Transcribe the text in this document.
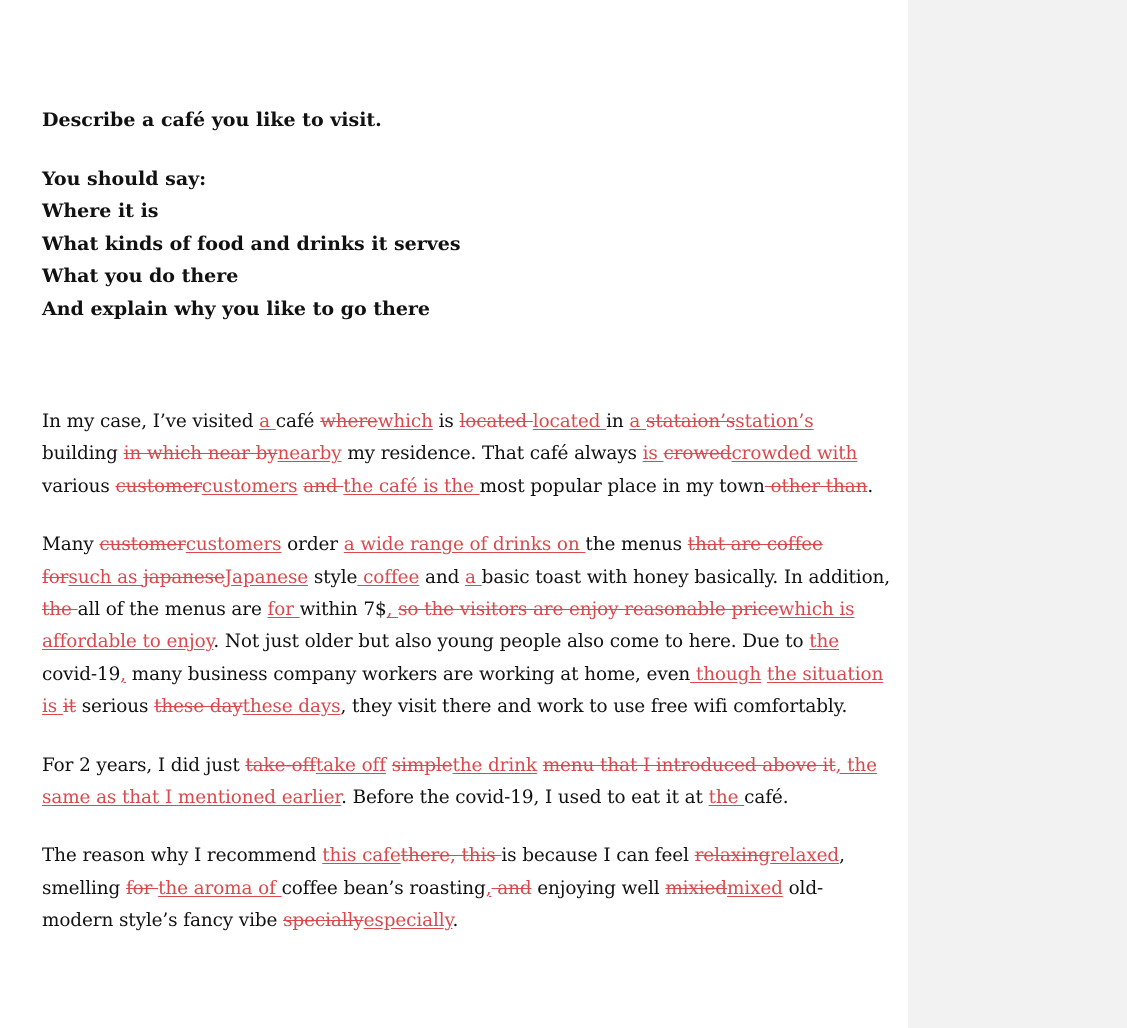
Describe a café you like to visit.

You should say:

Where it is

What kinds of food and drinks it serves

What you do there

And explain why you like to go there

In my case, I’ve visited a café wherewhich is located located in a stataion’sstation’s building in which near bynearby my residence. That café always is crowedcrowded with various customercustomers and the café is the most popular place in my town other than.

Many customercustomers order a wide range of drinks on the menus that are coffee forsuch as japaneseJapanese style coffee and a basic toast with honey basically. In addition, the all of the menus are for within 7$, so the visitors are enjoy reasonable pricewhich is affordable to enjoy. Not just older but also young people also come to here. Due to the covid-19, many business company workers are working at home, even though the situation is it serious these daythese days, they visit there and work to use free wifi comfortably.

For 2 years, I did just take-offtake off simplethe drink menu that I introduced above it, the same as that I mentioned earlier. Before the covid-19, I used to eat it at the café.

The reason why I recommend this cafethere, this is because I can feel relaxingrelaxed, smelling for the aroma of coffee bean’s roasting, and enjoying well mixiedmixed old-modern style’s fancy vibe speciallyespecially.
